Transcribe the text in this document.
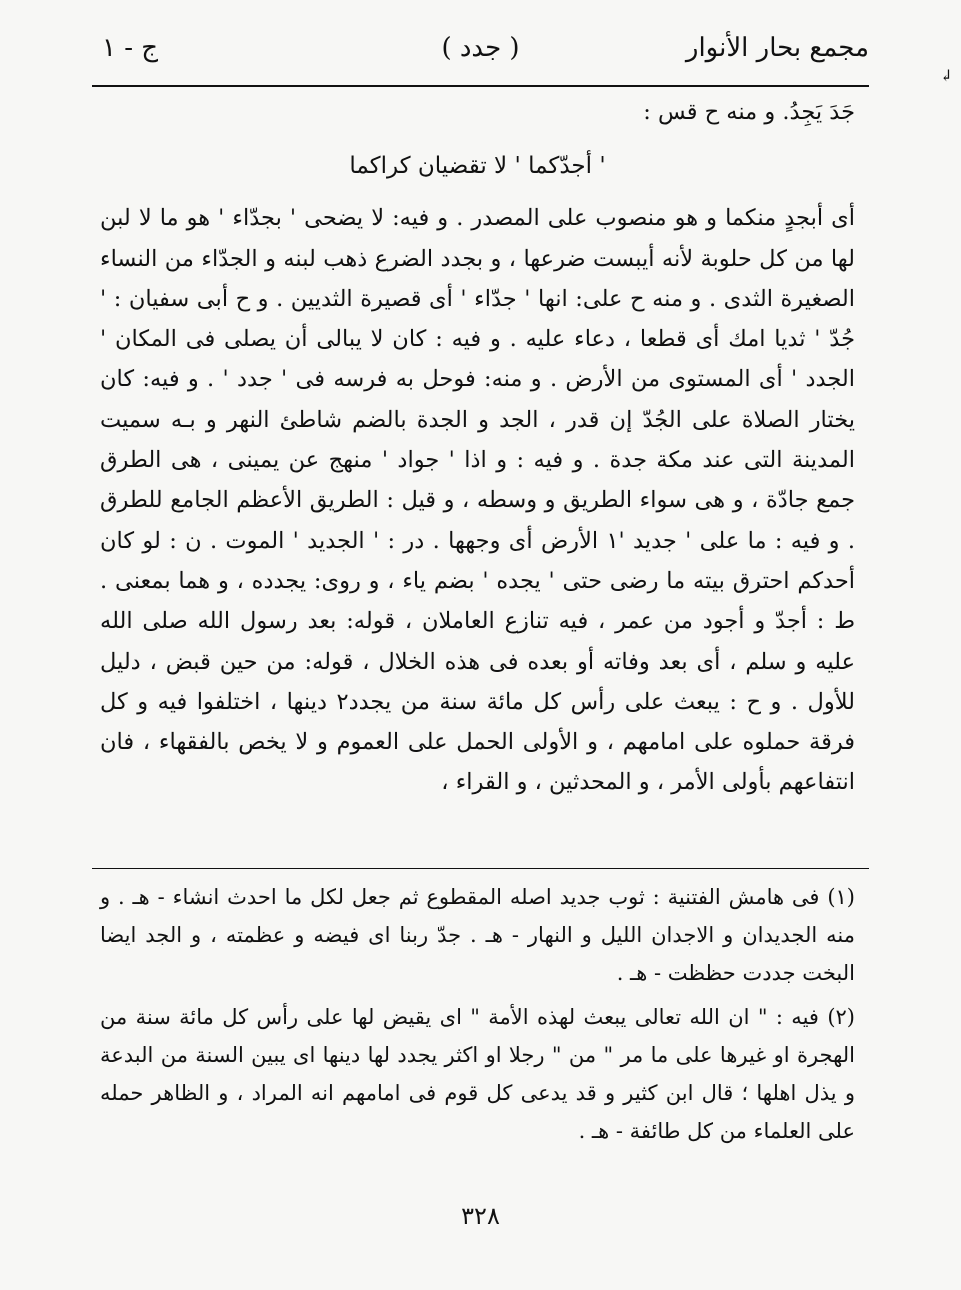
مجمع بحار الأنوار
( جدد )
ج - ١
↲

جَدَ يَجِدُ. و منه ح قس :

' أجدّكما ' لا تقضيان كراكما

أى أبجدٍ منكما و هو منصوب على المصدر . و فيه: لا يضحى ' بجدّاء ' هو ما لا لبن لها من كل حلوبة لأنه أيبست ضرعها ، و بجدد الضرع ذهب لبنه و الجدّاء من النساء الصغيرة الثدى . و منه ح على: انها ' جدّاء ' أى قصيرة الثديين . و ح أبى سفيان : ' جُدّ ' ثديا امك أى قطعا ، دعاء عليه . و فيه : كان لا يبالى أن يصلى فى المكان ' الجدد ' أى المستوى من الأرض . و منه: فوحل به فرسه فى ' جدد ' . و فيه: كان يختار الصلاة على الجُدّ إن قدر ، الجد و الجدة بالضم شاطئ النهر و بـه سميت المدينة التى عند مكة جدة . و فيه : و اذا ' جواد ' منهج عن يمينى ، هى الطرق جمع جادّة ، و هى سواء الطريق و وسطه ، و قيل : الطريق الأعظم الجامع للطرق . و فيه : ما على ' جديد '١ الأرض أى وجهها . در : ' الجديد ' الموت . ن : لو كان أحدكم احترق بيته ما رضى حتى ' يجده ' بضم ياء ، و روى: يجدده ، و هما بمعنى . ط : أجدّ و أجود من عمر ، فيه تنازع العاملان ، قوله: بعد رسول الله صلى الله عليه و سلم ، أى بعد وفاته أو بعده فى هذه الخلال ، قوله: من حين قبض ، دليل للأول . و ح : يبعث على رأس كل مائة سنة من يجدد٢ دينها ، اختلفوا فيه و كل فرقة حملوه على امامهم ، و الأولى الحمل على العموم و لا يخص بالفقهاء ، فان انتفاعهم بأولى الأمر ، و المحدثين ، و القراء ،

(١) فى هامش الفتنية : ثوب جديد اصله المقطوع ثم جعل لكل ما احدث انشاء - هـ . و منه الجديدان و الاجدان الليل و النهار - هـ . جدّ ربنا اى فيضه و عظمته ، و الجد ايضا البخت جددت حظظت - هـ .

(٢) فيه : " ان الله تعالى يبعث لهذه الأمة " اى يقيض لها على رأس كل مائة سنة من الهجرة او غيرها على ما مر " من " رجلا او اكثر يجدد لها دينها اى يبين السنة من البدعة و يذل اهلها ؛ قال ابن كثير و قد يدعى كل قوم فى امامهم انه المراد ، و الظاهر حمله على العلماء من كل طائفة - هـ .

٣٢٨
